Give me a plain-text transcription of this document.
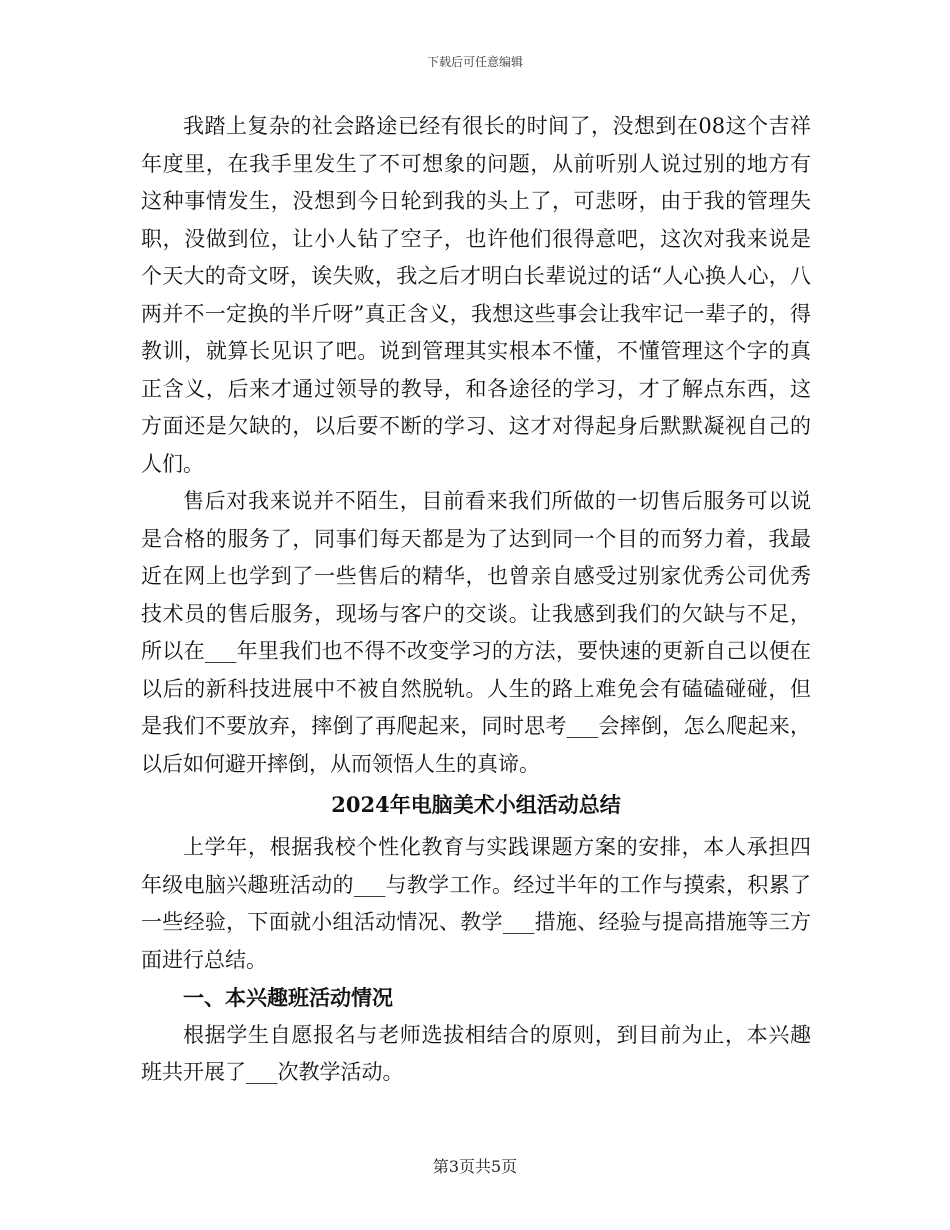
下载后可任意编辑

我踏上复杂的社会路途已经有很长的时间了，没想到在08这个吉祥年度里，在我手里发生了不可想象的问题，从前听别人说过别的地方有这种事情发生，没想到今日轮到我的头上了，可悲呀，由于我的管理失职，没做到位，让小人钻了空子，也许他们很得意吧，这次对我来说是个天大的奇文呀，诶失败，我之后才明白长辈说过的话“人心换人心，八两并不一定换的半斤呀”真正含义，我想这些事会让我牢记一辈子的，得教训，就算长见识了吧。说到管理其实根本不懂，不懂管理这个字的真正含义，后来才通过领导的教导，和各途径的学习，才了解点东西，这方面还是欠缺的，以后要不断的学习、这才对得起身后默默凝视自己的人们。

售后对我来说并不陌生，目前看来我们所做的一切售后服务可以说是合格的服务了，同事们每天都是为了达到同一个目的而努力着，我最近在网上也学到了一些售后的精华，也曾亲自感受过别家优秀公司优秀技术员的售后服务，现场与客户的交谈。让我感到我们的欠缺与不足，所以在___年里我们也不得不改变学习的方法，要快速的更新自己以便在以后的新科技进展中不被自然脱轨。人生的路上难免会有磕磕碰碰，但是我们不要放弃，摔倒了再爬起来，同时思考___会摔倒，怎么爬起来，以后如何避开摔倒，从而领悟人生的真谛。

2024年电脑美术小组活动总结

上学年，根据我校个性化教育与实践课题方案的安排，本人承担四年级电脑兴趣班活动的___与教学工作。经过半年的工作与摸索，积累了一些经验，下面就小组活动情况、教学___措施、经验与提高措施等三方面进行总结。

一、本兴趣班活动情况

根据学生自愿报名与老师选拔相结合的原则，到目前为止，本兴趣班共开展了___次教学活动。

第3页共5页
